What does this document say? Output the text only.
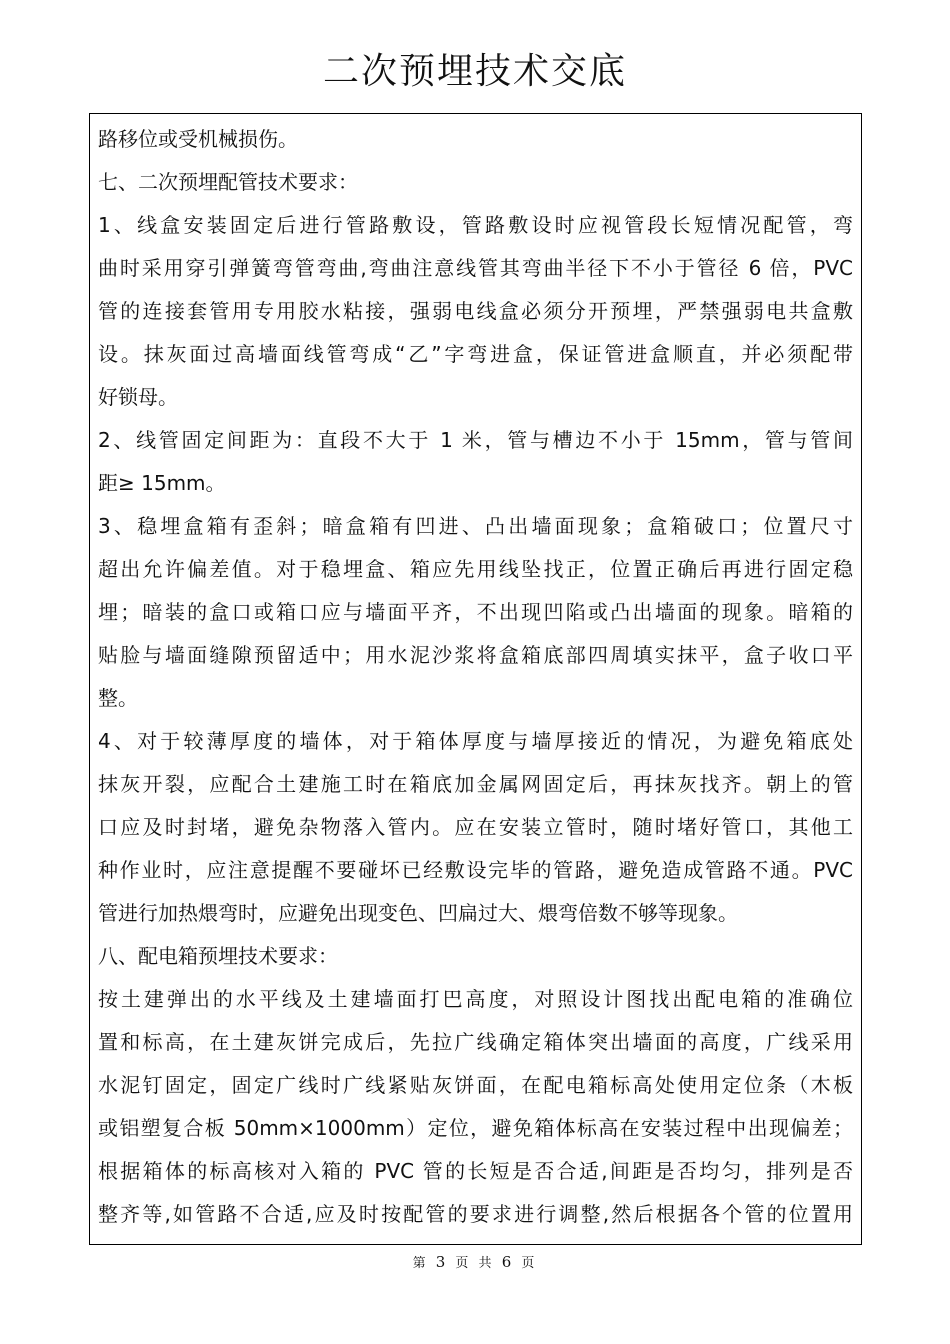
二次预埋技术交底
路移位或受机械损伤。
七、二次预埋配管技术要求：
1、线盒安装固定后进行管路敷设，管路敷设时应视管段长短情况配管，弯
曲时采用穿引弹簧弯管弯曲,弯曲注意线管其弯曲半径下不小于管径 6 倍，PVC
管的连接套管用专用胶水粘接，强弱电线盒必须分开预埋，严禁强弱电共盒敷
设。抹灰面过高墙面线管弯成“乙”字弯进盒，保证管进盒顺直，并必须配带
好锁母。
2、线管固定间距为：直段不大于 1 米，管与槽边不小于 15mm，管与管间
距≥ 15mm。
3、稳埋盒箱有歪斜；暗盒箱有凹进、凸出墙面现象；盒箱破口；位置尺寸
超出允许偏差值。对于稳埋盒、箱应先用线坠找正，位置正确后再进行固定稳
埋；暗装的盒口或箱口应与墙面平齐，不出现凹陷或凸出墙面的现象。暗箱的
贴脸与墙面缝隙预留适中；用水泥沙浆将盒箱底部四周填实抹平，盒子收口平
整。
4、对于较薄厚度的墙体，对于箱体厚度与墙厚接近的情况，为避免箱底处
抹灰开裂，应配合土建施工时在箱底加金属网固定后，再抹灰找齐。朝上的管
口应及时封堵，避免杂物落入管内。应在安装立管时，随时堵好管口，其他工
种作业时，应注意提醒不要碰坏已经敷设完毕的管路，避免造成管路不通。PVC
管进行加热煨弯时，应避免出现变色、凹扁过大、煨弯倍数不够等现象。
八、配电箱预埋技术要求：
按土建弹出的水平线及土建墙面打巴高度，对照设计图找出配电箱的准确位
置和标高，在土建灰饼完成后，先拉广线确定箱体突出墙面的高度，广线采用
水泥钉固定，固定广线时广线紧贴灰饼面，在配电箱标高处使用定位条（木板
或铝塑复合板 50mm×1000mm）定位，避免箱体标高在安装过程中出现偏差；
根据箱体的标高核对入箱的 PVC 管的长短是否合适,间距是否均匀，排列是否
整齐等,如管路不合适,应及时按配管的要求进行调整,然后根据各个管的位置用
第 3 页 共 6 页
